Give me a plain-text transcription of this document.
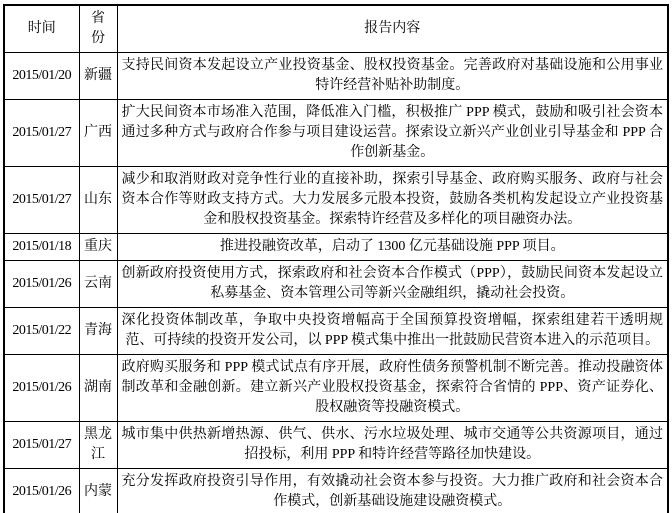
时间	省份	报告内容
2015/01/20	新疆	支持民间资本发起设立产业投资基金、股权投资基金。完善政府对基础设施和公用事业特许经营补贴补助制度。
2015/01/27	广西	扩大民间资本市场准入范围，降低准入门槛，积极推广 PPP 模式，鼓励和吸引社会资本通过多种方式与政府合作参与项目建设运营。探索设立新兴产业创业引导基金和 PPP 合作创新基金。
2015/01/27	山东	减少和取消财政对竞争性行业的直接补助，探索引导基金、政府购买服务、政府与社会资本合作等财政支持方式。大力发展多元股本投资，鼓励各类机构发起设立产业投资基金和股权投资基金。探索特许经营及多样化的项目融资办法。
2015/01/18	重庆	推进投融资改革，启动了 1300 亿元基础设施 PPP 项目。
2015/01/26	云南	创新政府投资使用方式，探索政府和社会资本合作模式（PPP），鼓励民间资本发起设立私募基金、资本管理公司等新兴金融组织，撬动社会投资。
2015/01/22	青海	深化投资体制改革，争取中央投资增幅高于全国预算投资增幅，探索组建若干透明规范、可持续的投资开发公司，以 PPP 模式集中推出一批鼓励民营资本进入的示范项目。
2015/01/26	湖南	政府购买服务和 PPP 模式试点有序开展，政府性债务预警机制不断完善。推动投融资体制改革和金融创新。建立新兴产业股权投资基金，探索符合省情的 PPP、资产证券化、股权融资等投融资模式。
2015/01/27	黑龙江	城市集中供热新增热源、供气、供水、污水垃圾处理、城市交通等公共资源项目，通过招投标，利用 PPP 和特许经营等路径加快建设。
2015/01/26	内蒙	充分发挥政府投资引导作用，有效撬动社会资本参与投资。大力推广政府和社会资本合作模式，创新基础设施建设融资模式。
